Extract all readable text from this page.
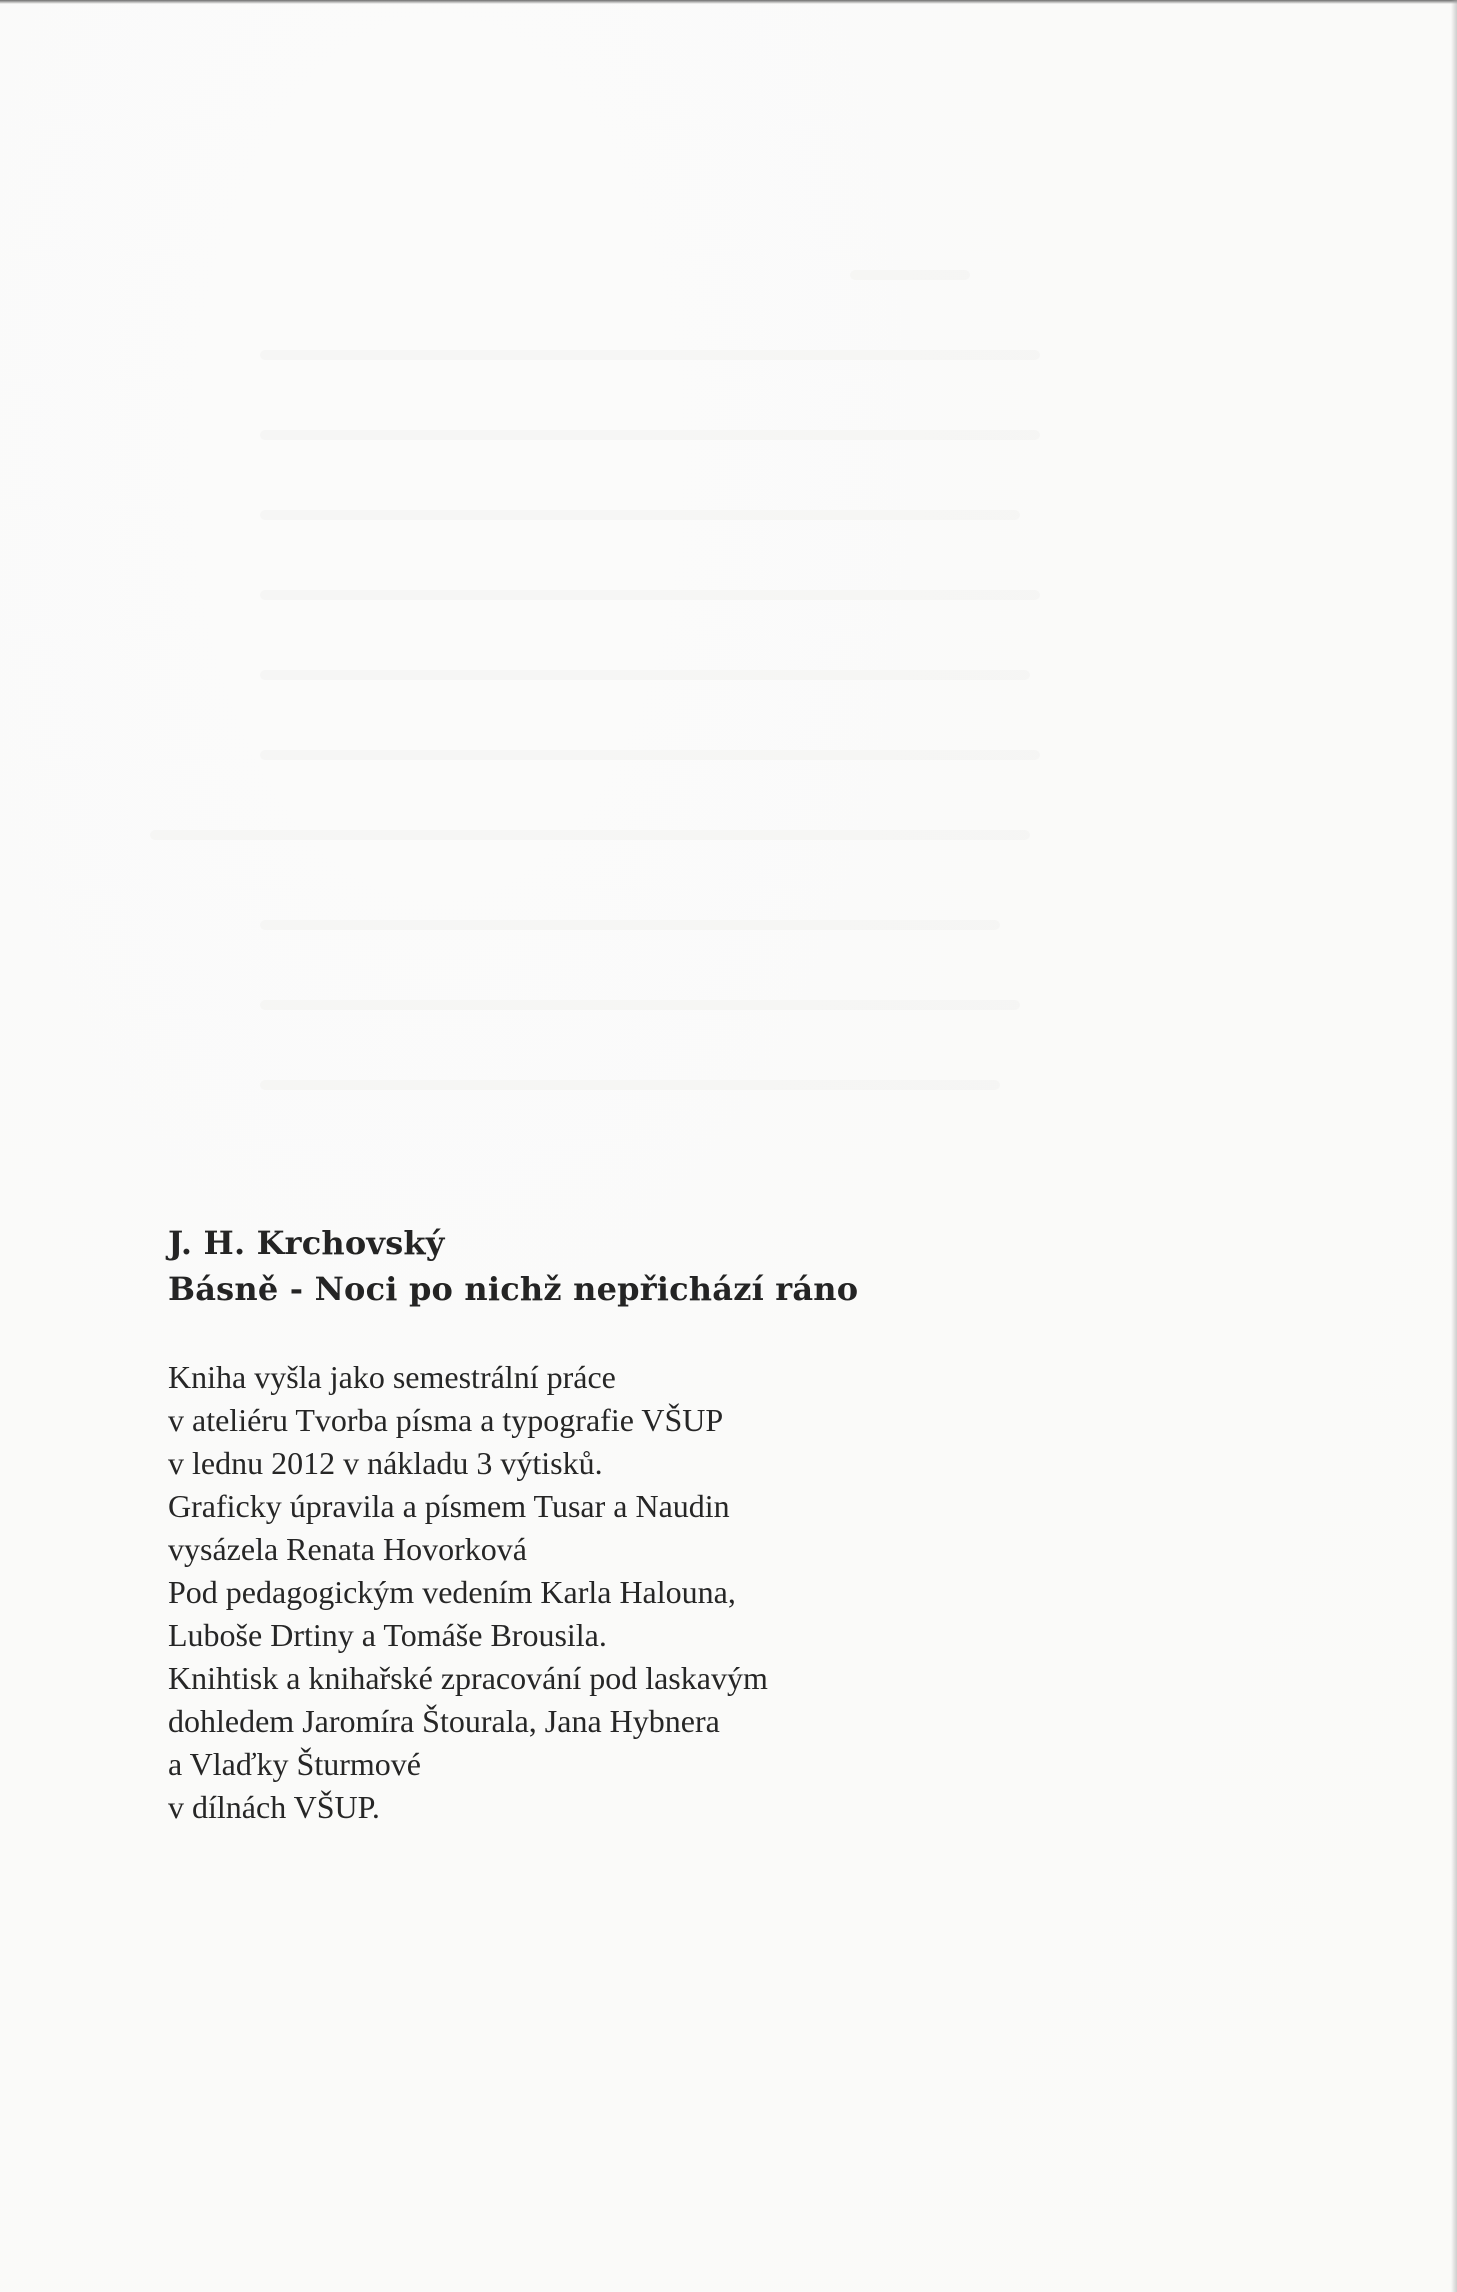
J. H. Krchovský

Básně - Noci po nichž nepřichází ráno

Kniha vyšla jako semestrální práce
v ateliéru Tvorba písma a typografie VŠUP
v lednu 2012 v nákladu 3 výtisků.
Graficky úpravila a písmem Tusar a Naudin
vysázela Renata Hovorková
Pod pedagogickým vedením Karla Halouna,
Luboše Drtiny a Tomáše Brousila.
Knihtisk a knihařské zpracování pod laskavým
dohledem Jaromíra Štourala, Jana Hybnera
a Vlaďky Šturmové
v dílnách VŠUP.
